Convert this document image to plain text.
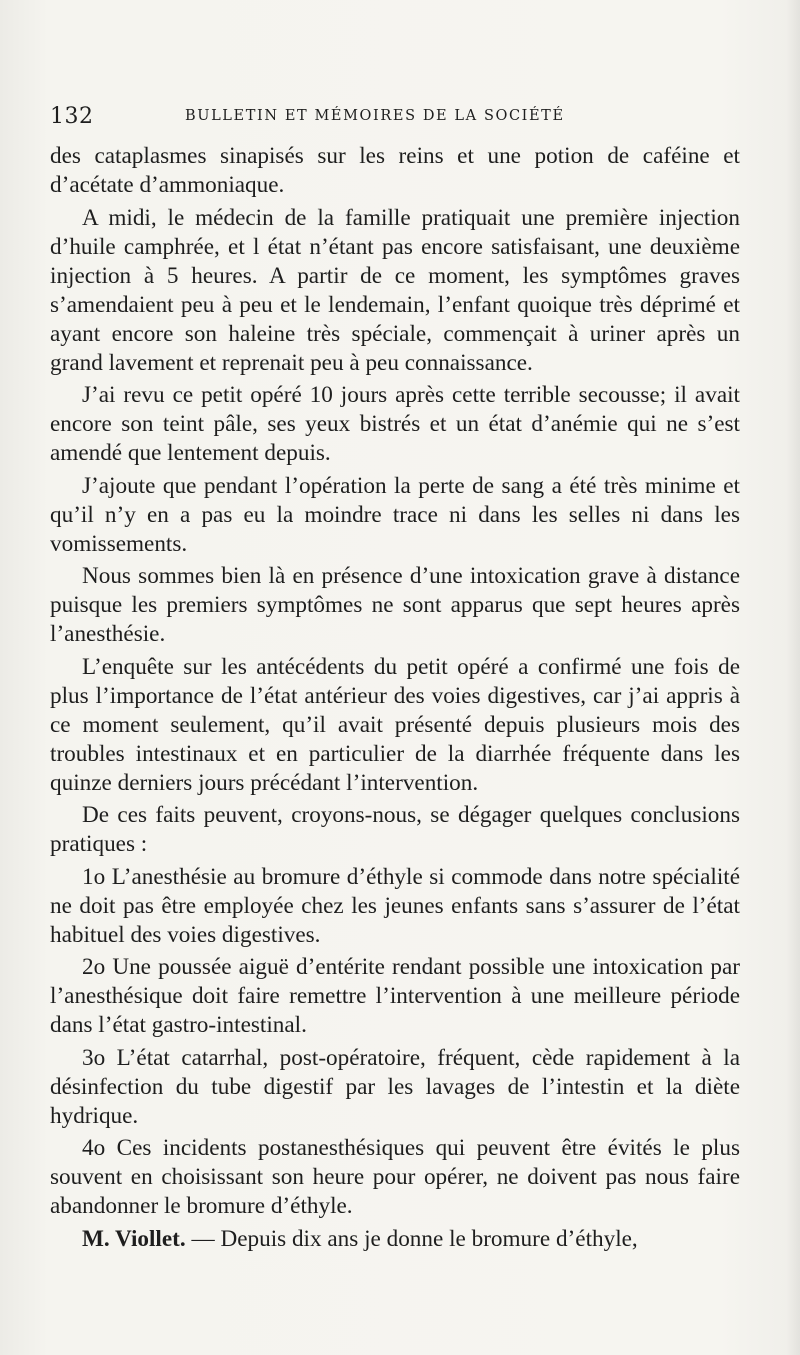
132	BULLETIN ET MÉMOIRES DE LA SOCIÉTÉ

des cataplasmes sinapisés sur les reins et une potion de caféine et d’acétate d’ammoniaque.

A midi, le médecin de la famille pratiquait une première injection d’huile camphrée, et l état n’étant pas encore satisfaisant, une deuxième injection à 5 heures. A partir de ce moment, les symptômes graves s’amendaient peu à peu et le lendemain, l’enfant quoique très déprimé et ayant encore son haleine très spéciale, commençait à uriner après un grand lavement et reprenait peu à peu connaissance.

J’ai revu ce petit opéré 10 jours après cette terrible secousse; il avait encore son teint pâle, ses yeux bistrés et un état d’anémie qui ne s’est amendé que lentement depuis.

J’ajoute que pendant l’opération la perte de sang a été très minime et qu’il n’y en a pas eu la moindre trace ni dans les selles ni dans les vomissements.

Nous sommes bien là en présence d’une intoxication grave à distance puisque les premiers symptômes ne sont apparus que sept heures après l’anesthésie.

L’enquête sur les antécédents du petit opéré a confirmé une fois de plus l’importance de l’état antérieur des voies digestives, car j’ai appris à ce moment seulement, qu’il avait présenté depuis plusieurs mois des troubles intestinaux et en particulier de la diarrhée fréquente dans les quinze derniers jours précédant l’intervention.

De ces faits peuvent, croyons-nous, se dégager quelques conclusions pratiques :

1o L’anesthésie au bromure d’éthyle si commode dans notre spécialité ne doit pas être employée chez les jeunes enfants sans s’assurer de l’état habituel des voies digestives.

2o Une poussée aiguë d’entérite rendant possible une intoxication par l’anesthésique doit faire remettre l’intervention à une meilleure période dans l’état gastro-intestinal.

3o L’état catarrhal, post-opératoire, fréquent, cède rapidement à la désinfection du tube digestif par les lavages de l’intestin et la diète hydrique.

4o Ces incidents postanesthésiques qui peuvent être évités le plus souvent en choisissant son heure pour opérer, ne doivent pas nous faire abandonner le bromure d’éthyle.

M. Viollet. — Depuis dix ans je donne le bromure d’éthyle,
